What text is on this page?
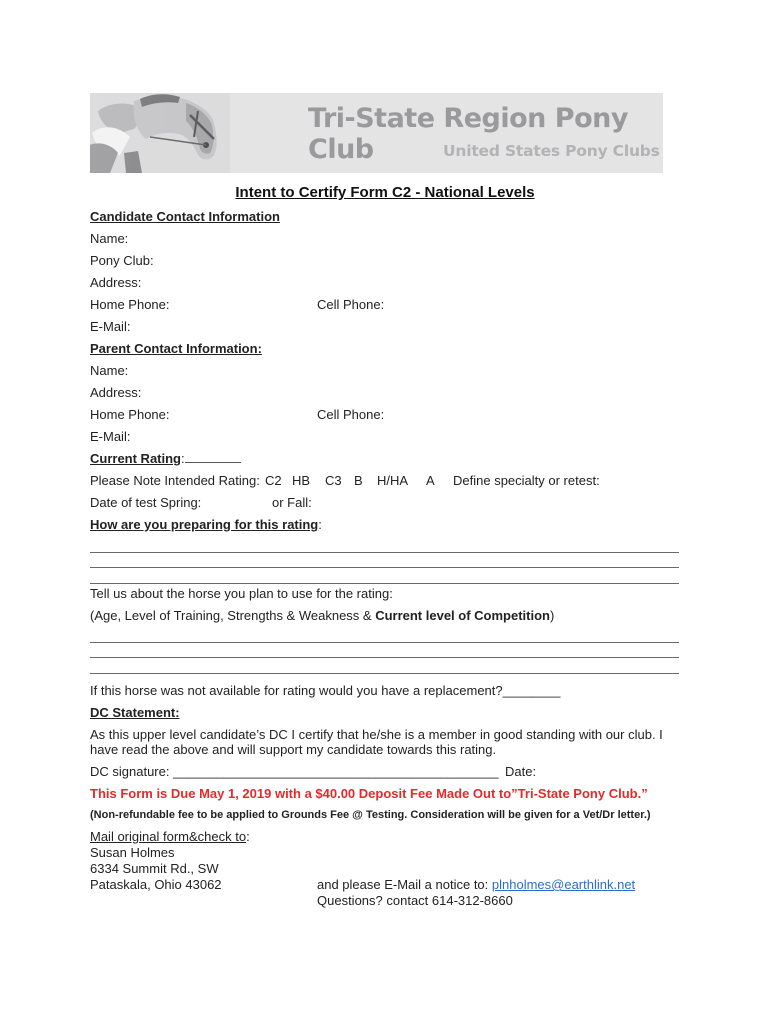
Tri-State Region Pony Club	United States Pony Clubs
Intent to Certify Form C2 - National Levels
Candidate Contact Information
Name:
Pony Club:
Address:
Home Phone:	Cell Phone:
E-Mail:
Parent Contact Information:
Name:
Address:
Home Phone:	Cell Phone:
E-Mail:
Current Rating:
Please Note Intended Rating: C2 HB C3 B H/HA A Define specialty or retest:
Date of test Spring:	or Fall:
How are you preparing for this rating:
Tell us about the horse you plan to use for the rating:
(Age, Level of Training, Strengths & Weakness & Current level of Competition)
If this horse was not available for rating would you have a replacement?________
DC Statement:
As this upper level candidate’s DC I certify that he/she is a member in good standing with our club. I
have read the above and will support my candidate towards this rating.
DC signature: _____________________________________________ Date:
This Form is Due May 1, 2019 with a $40.00 Deposit Fee Made Out to”Tri-State Pony Club.”
(Non-refundable fee to be applied to Grounds Fee @ Testing. Consideration will be given for a Vet/Dr letter.)
Mail original form&check to:
Susan Holmes
6334 Summit Rd., SW
Pataskala, Ohio 43062	and please E-Mail a notice to: plnholmes@earthlink.net
Questions? contact 614-312-8660
